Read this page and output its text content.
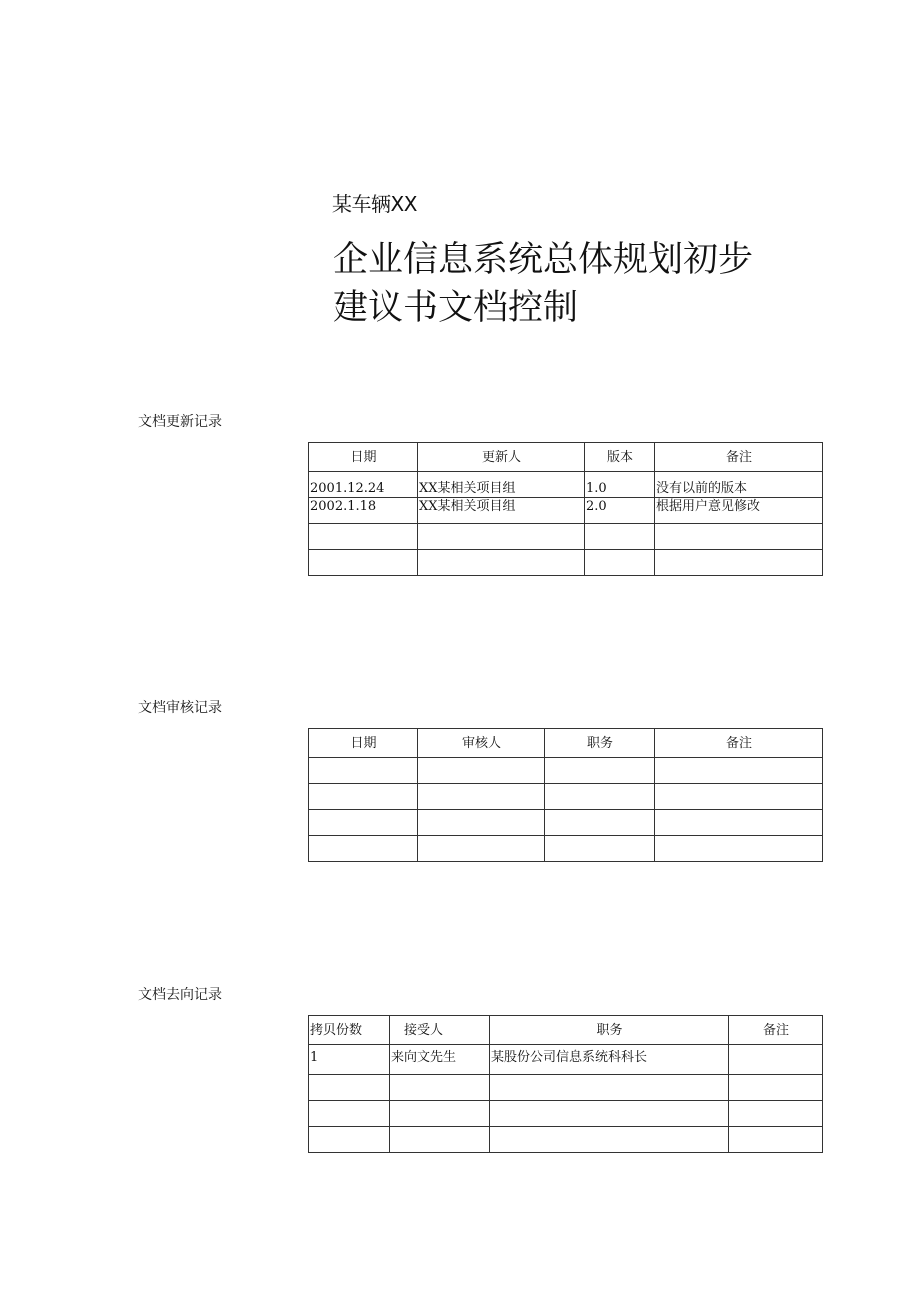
某车辆XX
企业信息系统总体规划初步
建议书文档控制
文档更新记录
日期	更新人	版本	备注
2001.12.24	XX某相关项目组	1.0	没有以前的版本
2002.1.18	XX某相关项目组	2.0	根据用户意见修改

文档审核记录
日期	审核人	职务	备注

文档去向记录
拷贝份数	接受人	职务	备注
1	来向文先生	某股份公司信息系统科科长	
